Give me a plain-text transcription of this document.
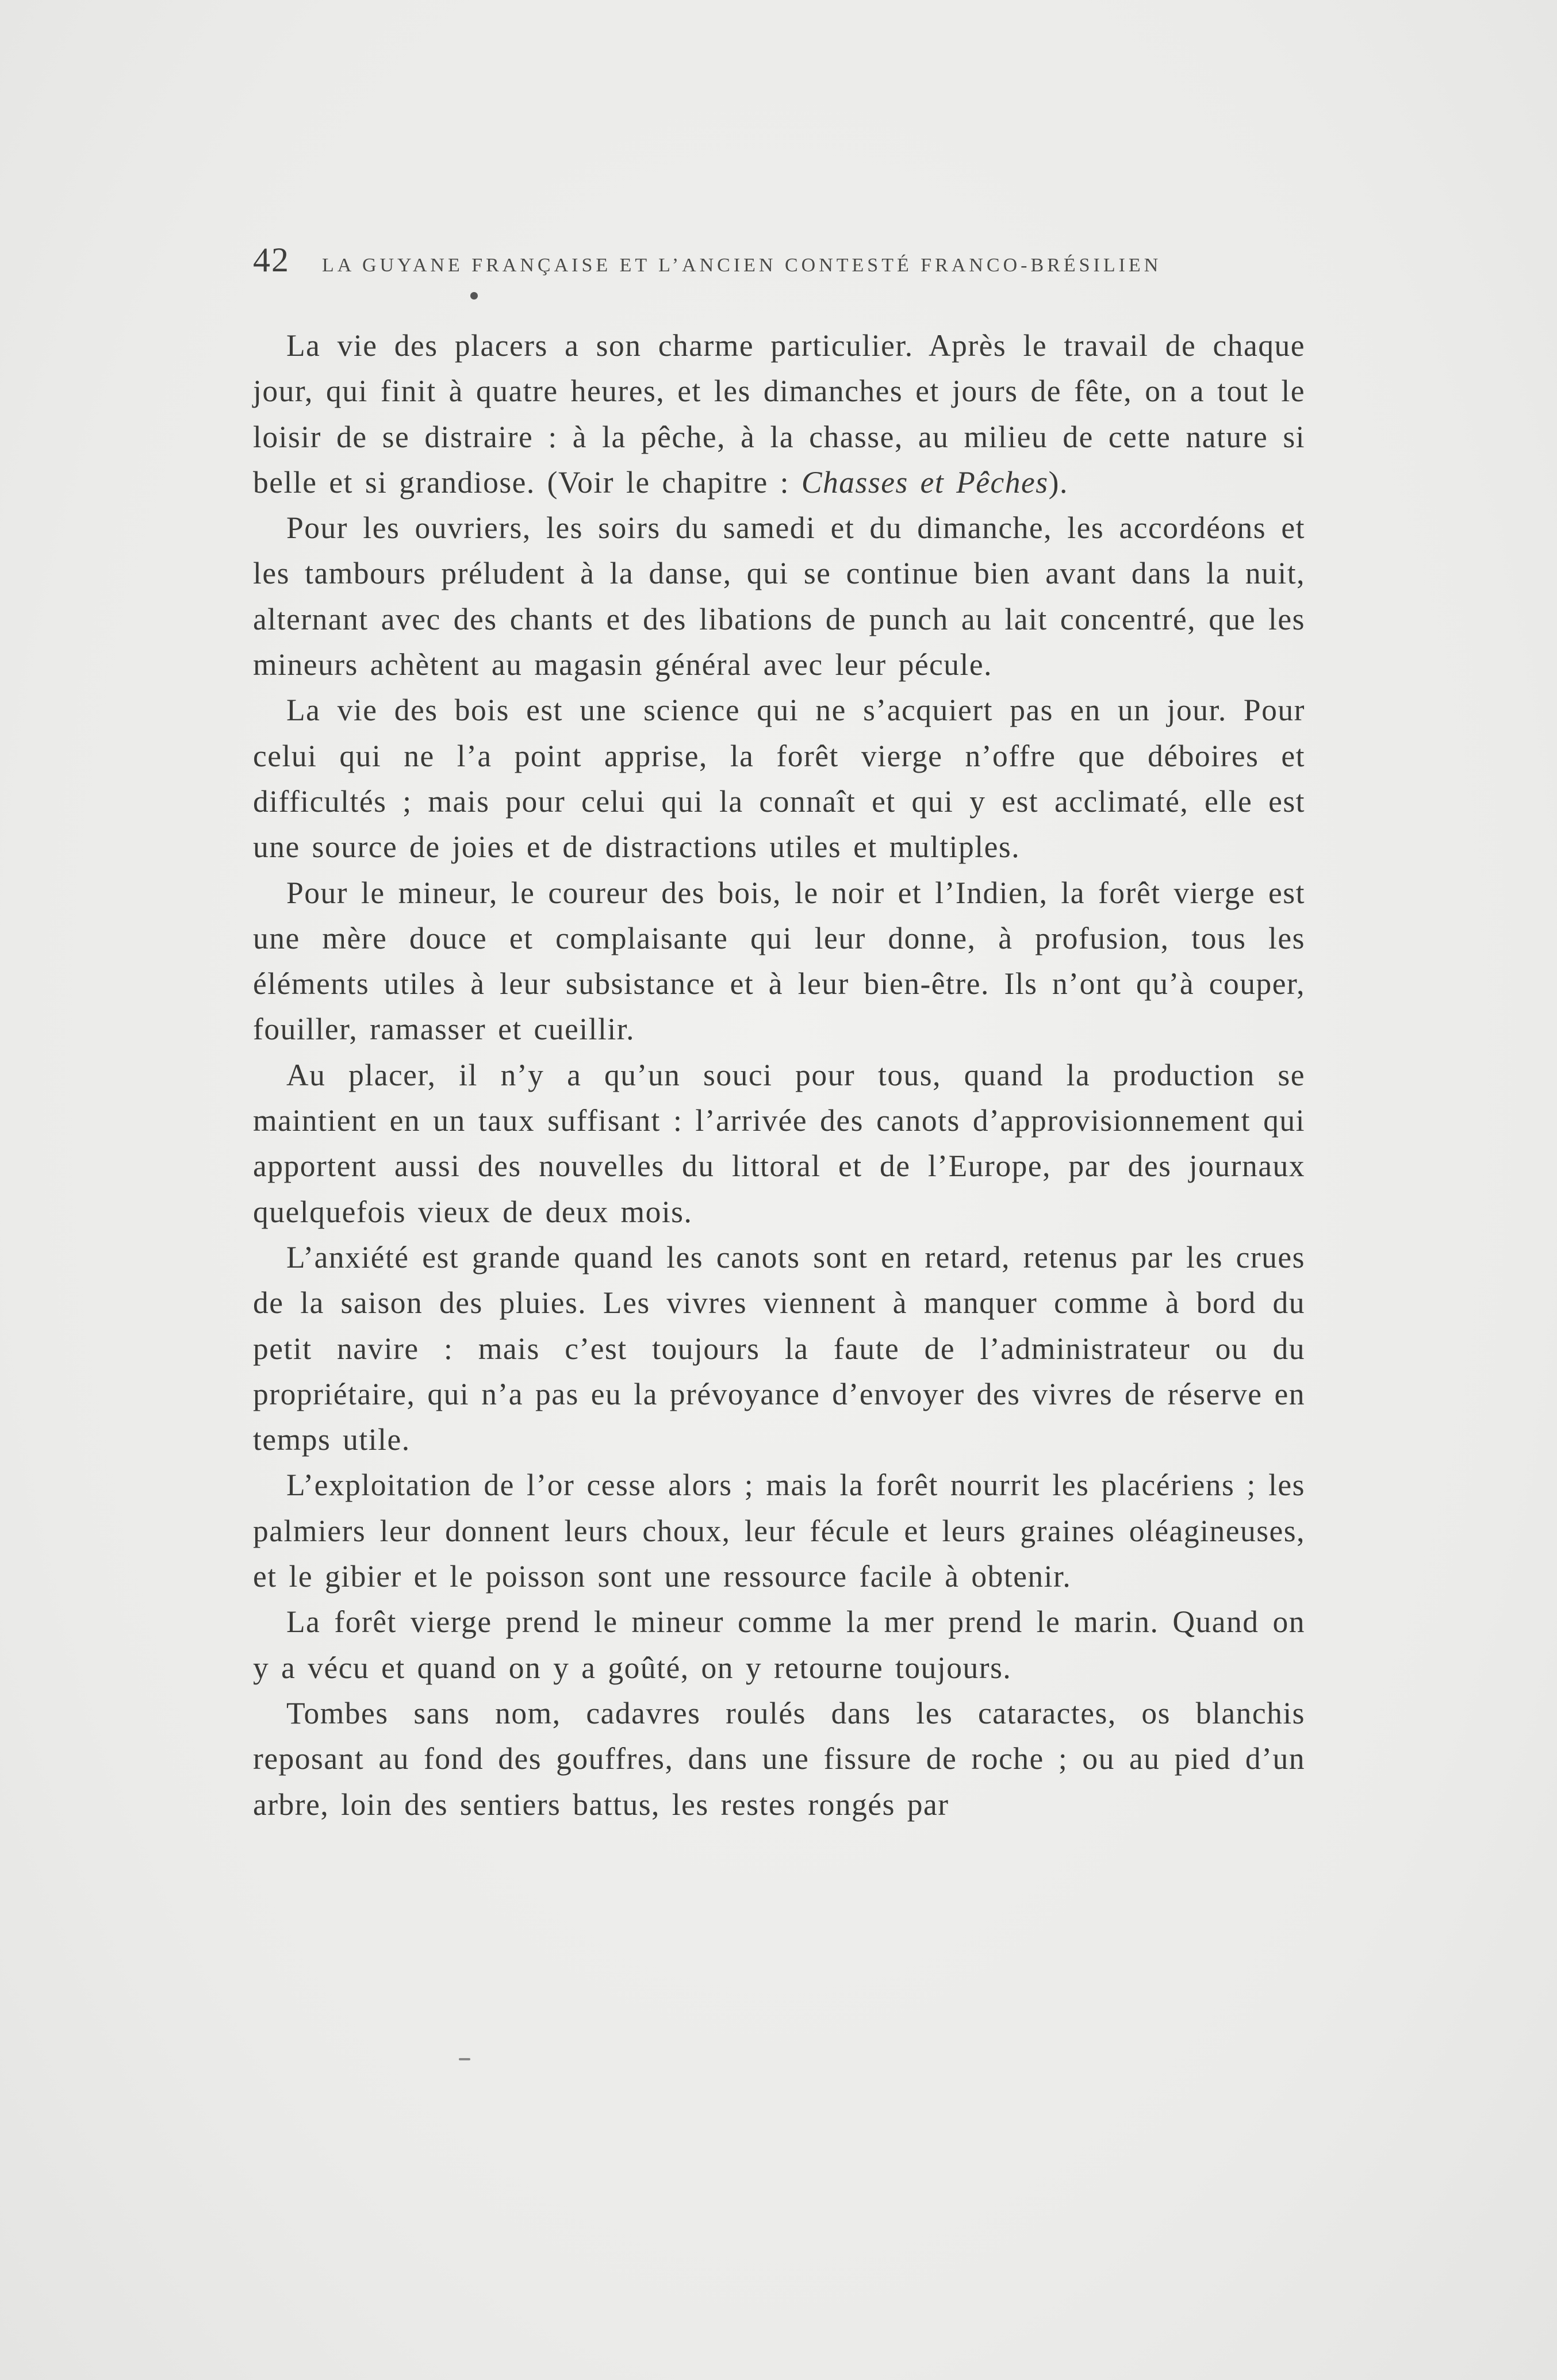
42 LA GUYANE FRANÇAISE ET L’ANCIEN CONTESTÉ FRANCO-BRÉSILIEN

La vie des placers a son charme particulier. Après le travail de chaque jour, qui finit à quatre heures, et les dimanches et jours de fête, on a tout le loisir de se distraire : à la pêche, à la chasse, au milieu de cette nature si belle et si grandiose. (Voir le chapitre : Chasses et Pêches).

Pour les ouvriers, les soirs du samedi et du dimanche, les accordéons et les tambours préludent à la danse, qui se continue bien avant dans la nuit, alternant avec des chants et des libations de punch au lait concentré, que les mineurs achètent au magasin général avec leur pécule.

La vie des bois est une science qui ne s’acquiert pas en un jour. Pour celui qui ne l’a point apprise, la forêt vierge n’offre que déboires et difficultés ; mais pour celui qui la connaît et qui y est acclimaté, elle est une source de joies et de distractions utiles et multiples.

Pour le mineur, le coureur des bois, le noir et l’Indien, la forêt vierge est une mère douce et complaisante qui leur donne, à profusion, tous les éléments utiles à leur subsistance et à leur bien-être. Ils n’ont qu’à couper, fouiller, ramasser et cueillir.

Au placer, il n’y a qu’un souci pour tous, quand la production se maintient en un taux suffisant : l’arrivée des canots d’approvisionnement qui apportent aussi des nouvelles du littoral et de l’Europe, par des journaux quelquefois vieux de deux mois.

L’anxiété est grande quand les canots sont en retard, retenus par les crues de la saison des pluies. Les vivres viennent à manquer comme à bord du petit navire : mais c’est toujours la faute de l’administrateur ou du propriétaire, qui n’a pas eu la prévoyance d’envoyer des vivres de réserve en temps utile.

L’exploitation de l’or cesse alors ; mais la forêt nourrit les placériens ; les palmiers leur donnent leurs choux, leur fécule et leurs graines oléagineuses, et le gibier et le poisson sont une ressource facile à obtenir.

La forêt vierge prend le mineur comme la mer prend le marin. Quand on y a vécu et quand on y a goûté, on y retourne toujours.

Tombes sans nom, cadavres roulés dans les cataractes, os blanchis reposant au fond des gouffres, dans une fissure de roche ; ou au pied d’un arbre, loin des sentiers battus, les restes rongés par
